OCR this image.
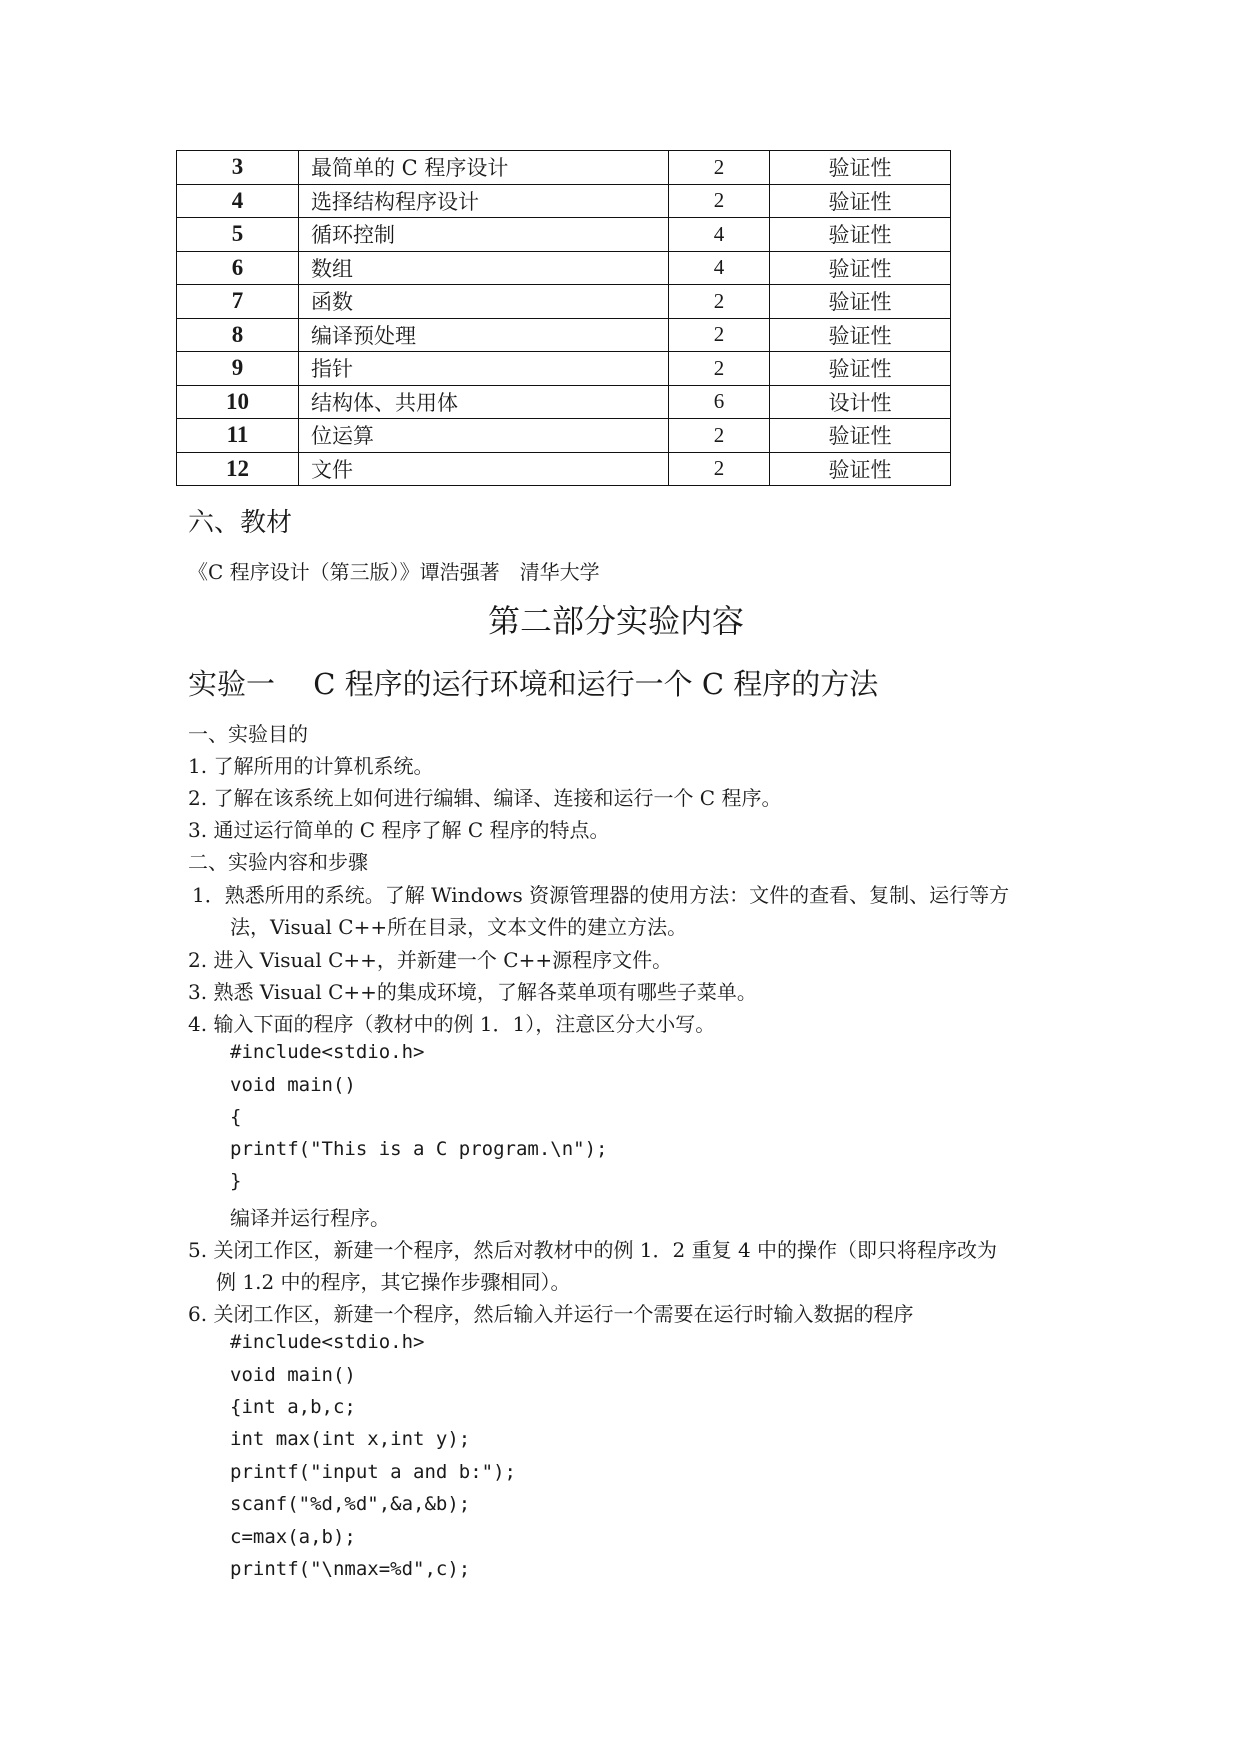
3	最简单的 C 程序设计	2	验证性
4	选择结构程序设计	2	验证性
5	循环控制	4	验证性
6	数组	4	验证性
7	函数	2	验证性
8	编译预处理	2	验证性
9	指针	2	验证性
10	结构体、共用体	6	设计性
11	位运算	2	验证性
12	文件	2	验证性
六、教材
《C 程序设计（第三版）》谭浩强著　清华大学
第二部分实验内容
实验一　 C 程序的运行环境和运行一个 C 程序的方法
一、实验目的
1. 了解所用的计算机系统。
2. 了解在该系统上如何进行编辑、编译、连接和运行一个 C 程序。
3. 通过运行简单的 C 程序了解 C 程序的特点。
二、实验内容和步骤
1．熟悉所用的系统。了解 Windows 资源管理器的使用方法：文件的查看、复制、运行等方
法，Visual C++所在目录，文本文件的建立方法。
2. 进入 Visual C++，并新建一个 C++源程序文件。
3. 熟悉 Visual C++的集成环境，了解各菜单项有哪些子菜单。
4. 输入下面的程序（教材中的例 1．1），注意区分大小写。
#include<stdio.h>
void main()
{
printf("This is a C program.\n");
}
编译并运行程序。
5. 关闭工作区，新建一个程序，然后对教材中的例 1．2 重复 4 中的操作（即只将程序改为
例 1.2 中的程序，其它操作步骤相同）。
6. 关闭工作区，新建一个程序，然后输入并运行一个需要在运行时输入数据的程序
#include<stdio.h>
void main()
{int a,b,c;
int max(int x,int y);
printf("input a and b:");
scanf("%d,%d",&a,&b);
c=max(a,b);
printf("\nmax=%d",c);
